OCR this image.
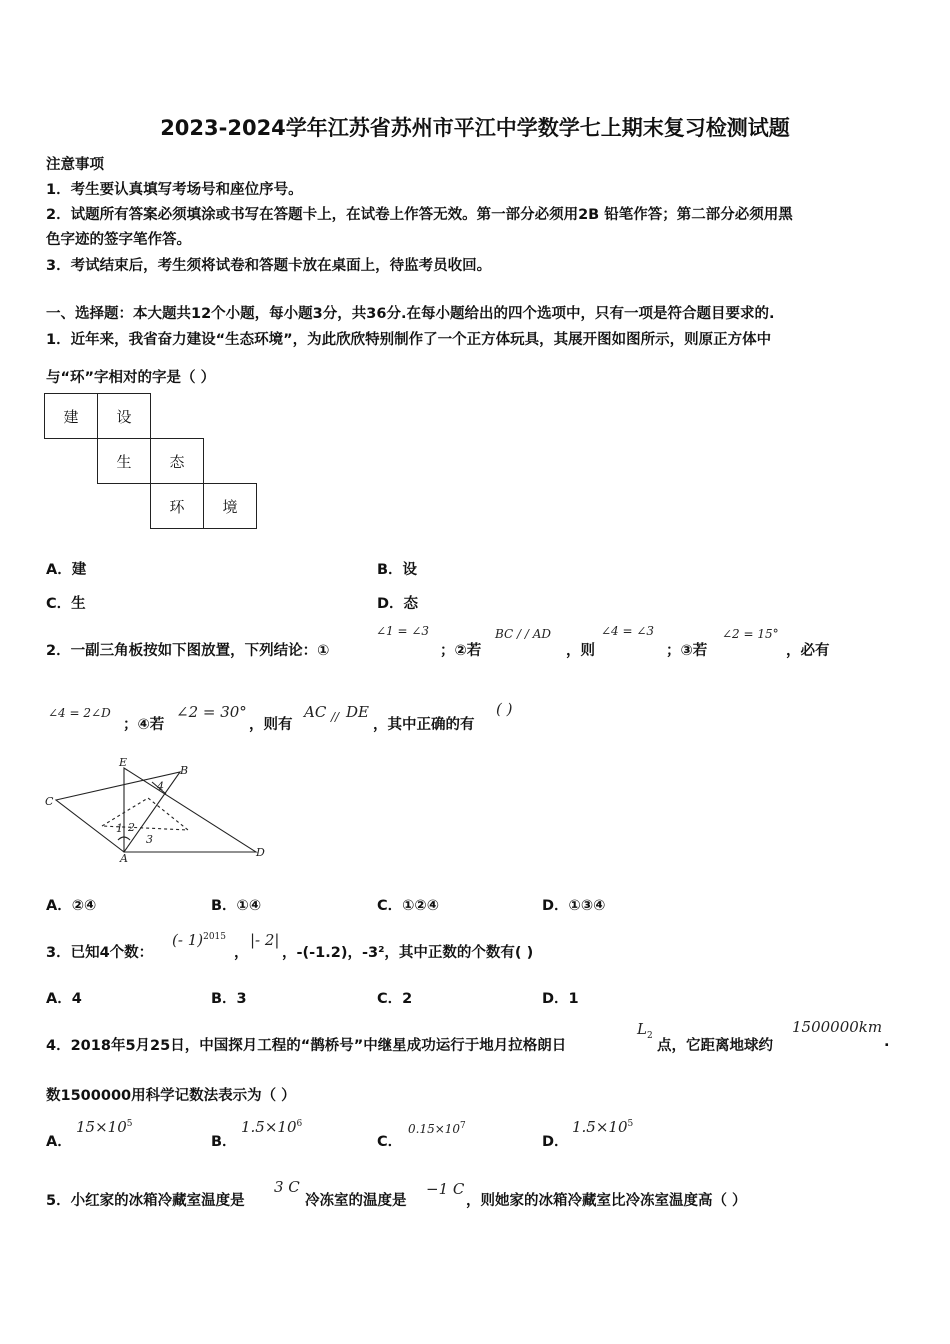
2023-2024学年江苏省苏州市平江中学数学七上期末复习检测试题
注意事项
1．考生要认真填写考场号和座位序号。
2．试题所有答案必须填涂或书写在答题卡上，在试卷上作答无效。第一部分必须用2B 铅笔作答；第二部分必须用黑
色字迹的签字笔作答。
3．考试结束后，考生须将试卷和答题卡放在桌面上，待监考员收回。
一、选择题：本大题共12个小题，每小题3分，共36分.在每小题给出的四个选项中，只有一项是符合题目要求的.
1．近年来，我省奋力建设“生态环境”，为此欣欣特别制作了一个正方体玩具，其展开图如图所示，则原正方体中
与“环”字相对的字是（ ）
建	设		
	生	态	
		环	境
A．建	B．设
C．生	D．态
2．一副三角板按如下图放置，下列结论：①
∠1 = ∠3
；②若
BC / / AD
，则
∠4 = ∠3
；③若
∠2 = 15°
，必有
∠4 = 2∠D
；④若
∠2 = 30°
，则有
AC // DE
，其中正确的有
( )
E
B
C
4
1 2
3
A	D
A．②④	B．①④	C．①②④	D．①③④
3．已知4个数：
(- 1)$^{2015}$
，
|- 2|
，-(-1.2)，-3²，其中正数的个数有( )
A．4	B．3	C．2	D．1
4．2018年5月25日，中国探月工程的“鹊桥号”中继星成功运行于地月拉格朗日
$L_2$
点，它距离地球约
1500000km
.
数1500000用科学记数法表示为（ ）
A．
$15\times 10^5$
B．
$1.5\times 10^6$
C．
$0.15\times 10^7$
D．
$1.5\times 10^5$
5．小红家的冰箱冷藏室温度是
3 C
冷冻室的温度是
−1 C
，则她家的冰箱冷藏室比冷冻室温度高（ ）
